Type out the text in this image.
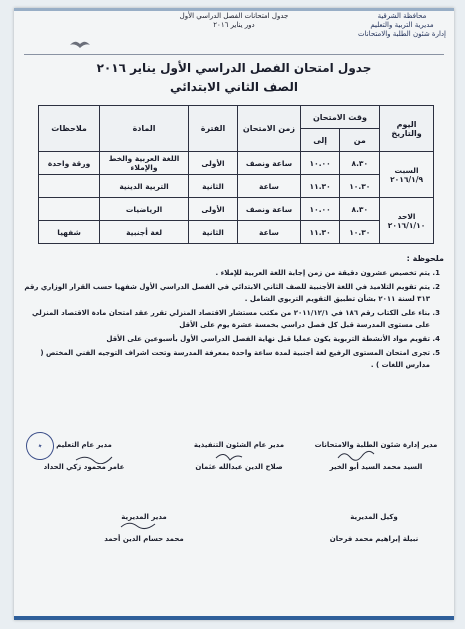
محافظة الشرقية
مديرية التربية والتعليم
إدارة شئون الطلبة والامتحانات
جدول امتحانات الفصل الدراسي الأول
دور يناير ٢٠١٦
جدول امتحان الفصل الدراسي الأول يناير ٢٠١٦
الصف الثاني الابتدائي
اليوم والتاريخ	وقت الامتحان		زمن الامتحان	الفترة	المادة	ملاحظات
	من	إلى				
السبت ٢٠١٦/١/٩	٨.٣٠	١٠.٠٠	ساعة ونصف	الأولى	اللغة العربية والخط والإملاء	ورقة واحدة
	١٠.٣٠	١١.٣٠	ساعة	الثانية	التربية الدينية	
الاحد ٢٠١٦/١/١٠	٨.٣٠	١٠.٠٠	ساعة ونصف	الأولى	الرياضيات	
	١٠.٣٠	١١.٣٠	ساعة	الثانية	لغة أجنبية	شفهيا
ملحوظة :
1. يتم تخصيص عشرون دقيقة من زمن إجابة اللغة العربية للإملاء .
2. يتم تقويم التلاميذ في اللغة الأجنبية للصف الثاني الابتدائي في الفصل الدراسي الأول شفهيا حسب القرار الوزاري رقم ٣١٣ لسنة ٢٠١١ بشأن تطبيق التقويم التربوي الشامل .
3. بناء على الكتاب رقم ١٨٦ في ٢٠١١/١٢/١ من مكتب مستشار الاقتصاد المنزلي تقرر عقد امتحان مادة الاقتصاد المنزلي على مستوى المدرسة قبل كل فصل دراسي بخمسة عشرة يوم على الأقل
4. تقويم مواد الأنشطة التربوية يكون عمليا قبل نهاية الفصل الدراسي الأول بأسبوعين على الأقل
5. تجرى امتحان المستوى الرفيع لغة أجنبية لمدة ساعة واحدة بمعرفة المدرسة وتحت اشراف التوجيه الفني المختص ( مدارس اللغات ) .
مدير إدارة شئون الطلبة والامتحانات
السيد محمد السيد أبو الخير
مدير عام الشئون التنفيذية
صلاح الدين عبدالله عثمان
مدير عام التعليم
عامر محمود زكي الحداد
✦
وكيل المديرية
نبيلة إبراهيم محمد فرحان
مدير المديرية
محمد حسام الدين أحمد
